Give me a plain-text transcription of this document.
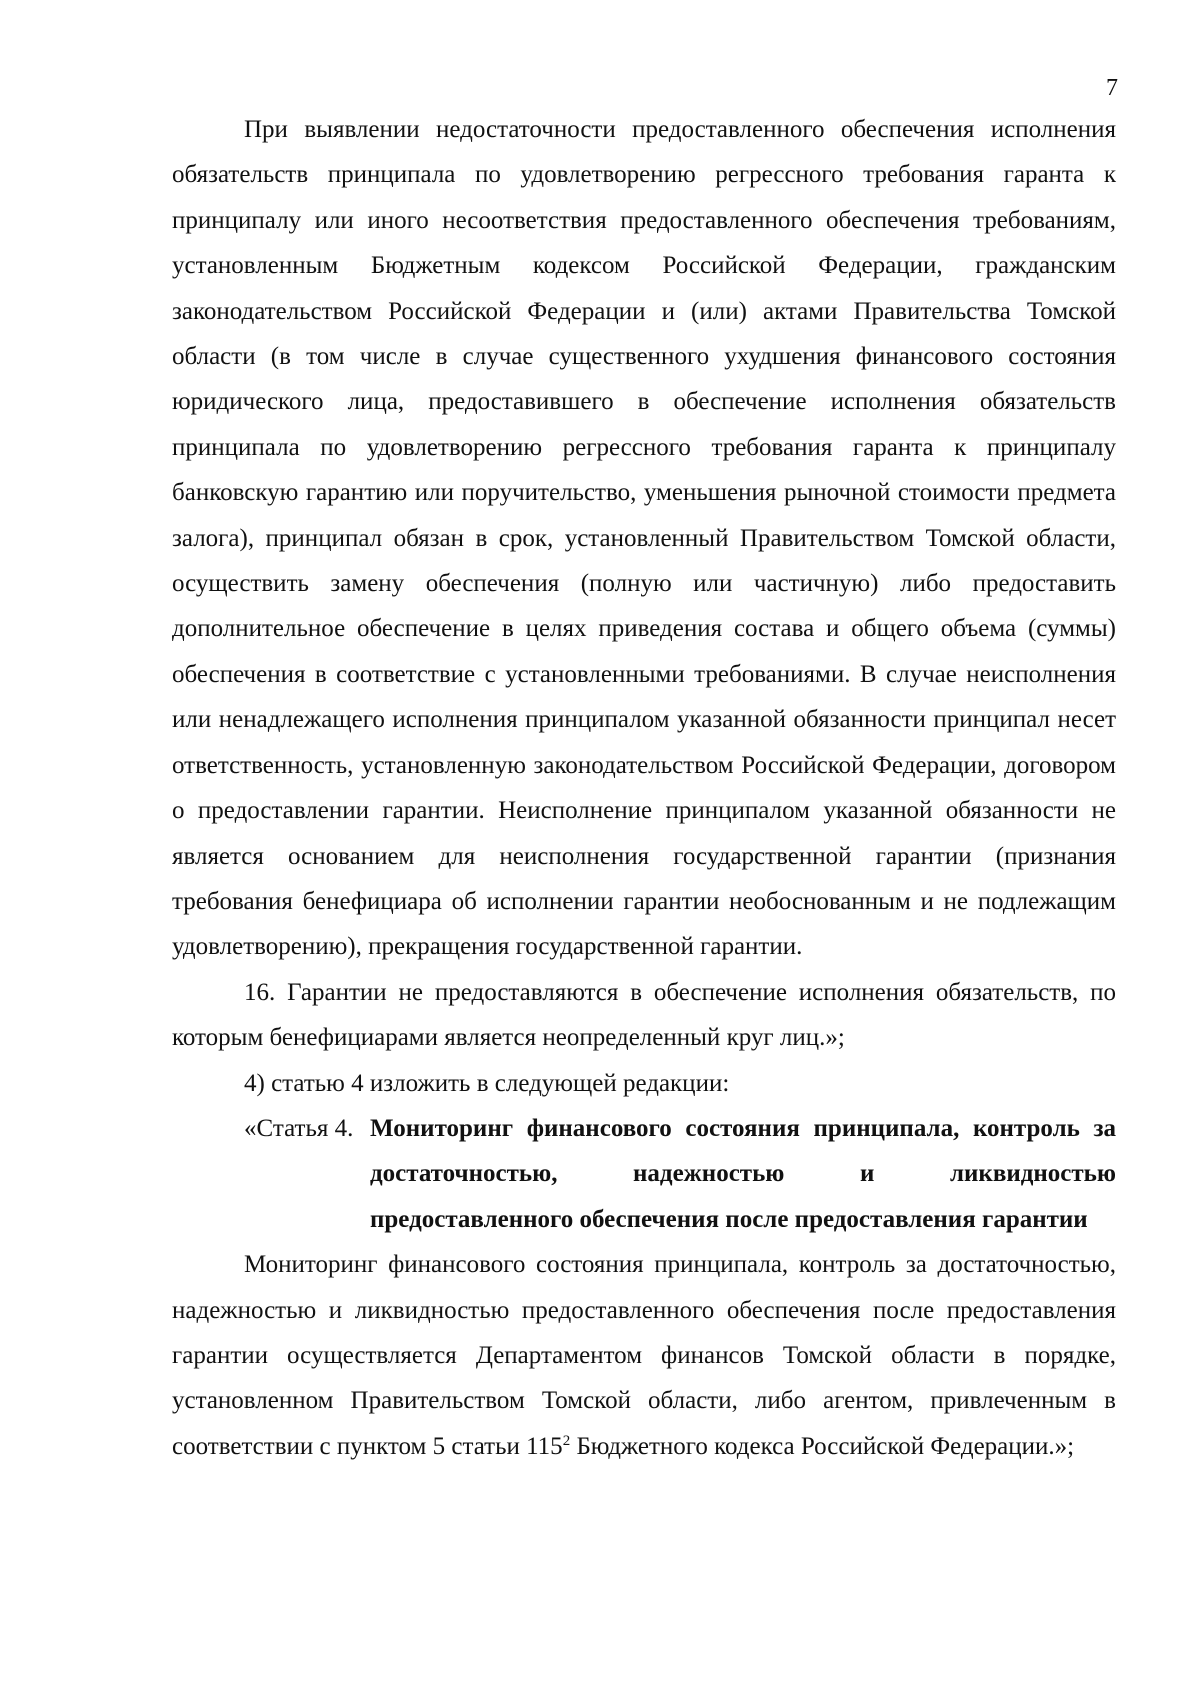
7

При выявлении недостаточности предоставленного обеспечения исполнения обязательств принципала по удовлетворению регрессного требования гаранта к принципалу или иного несоответствия предоставленного обеспечения требованиям, установленным Бюджетным кодексом Российской Федерации, гражданским законодательством Российской Федерации и (или) актами Правительства Томской области (в том числе в случае существенного ухудшения финансового состояния юридического лица, предоставившего в обеспечение исполнения обязательств принципала по удовлетворению регрессного требования гаранта к принципалу банковскую гарантию или поручительство, уменьшения рыночной стоимости предмета залога), принципал обязан в срок, установленный Правительством Томской области, осуществить замену обеспечения (полную или частичную) либо предоставить дополнительное обеспечение в целях приведения состава и общего объема (суммы) обеспечения в соответствие с установленными требованиями. В случае неисполнения или ненадлежащего исполнения принципалом указанной обязанности принципал несет ответственность, установленную законодательством Российской Федерации, договором о предоставлении гарантии. Неисполнение принципалом указанной обязанности не является основанием для неисполнения государственной гарантии (признания требования бенефициара об исполнении гарантии необоснованным и не подлежащим удовлетворению), прекращения государственной гарантии.

16. Гарантии не предоставляются в обеспечение исполнения обязательств, по которым бенефициарами является неопределенный круг лиц.»;

4) статью 4 изложить в следующей редакции:

«Статья 4. Мониторинг финансового состояния принципала, контроль за достаточностью, надежностью и ликвидностью предоставленного обеспечения после предоставления гарантии

Мониторинг финансового состояния принципала, контроль за достаточностью, надежностью и ликвидностью предоставленного обеспечения после предоставления гарантии осуществляется Департаментом финансов Томской области в порядке, установленном Правительством Томской области, либо агентом, привлеченным в соответствии с пунктом 5 статьи $115^2$ Бюджетного кодекса Российской Федерации.»;
